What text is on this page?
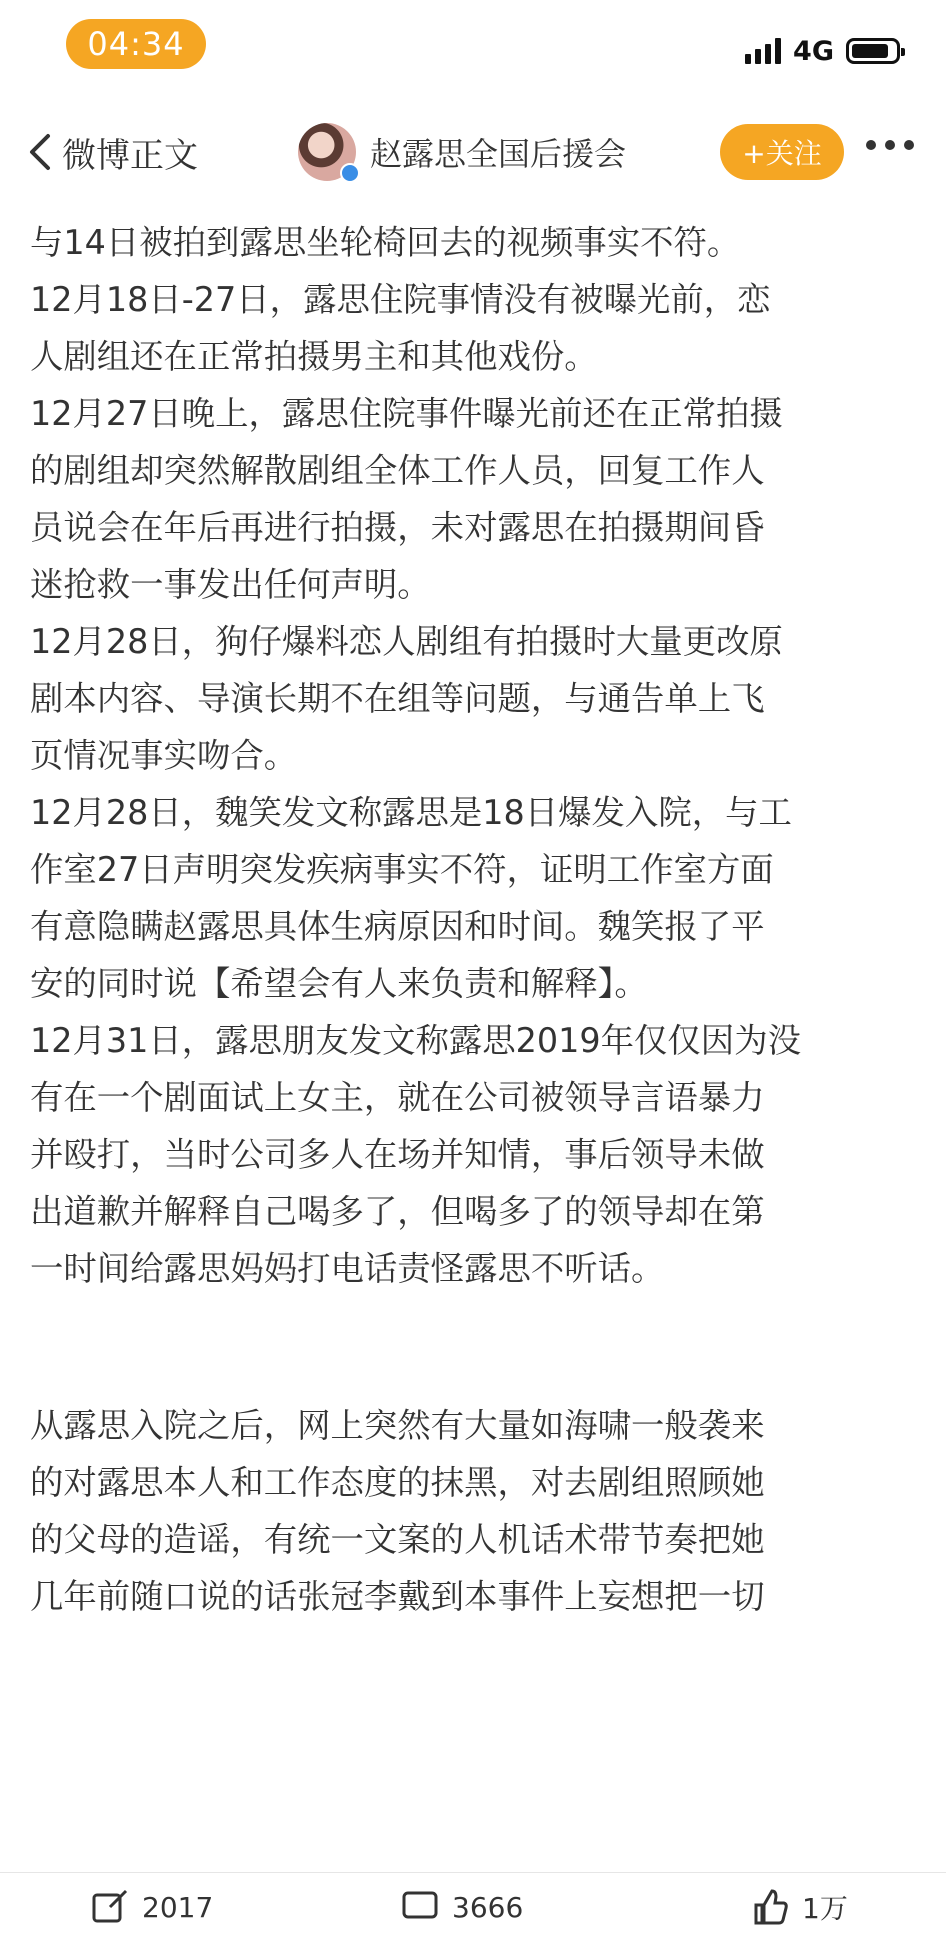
04:34	4G
微博正文	赵露思全国后援会	+关注
与14日被拍到露思坐轮椅回去的视频事实不符。
12月18日-27日，露思住院事情没有被曝光前，恋
人剧组还在正常拍摄男主和其他戏份。
12月27日晚上，露思住院事件曝光前还在正常拍摄
的剧组却突然解散剧组全体工作人员，回复工作人
员说会在年后再进行拍摄，未对露思在拍摄期间昏
迷抢救一事发出任何声明。
12月28日，狗仔爆料恋人剧组有拍摄时大量更改原
剧本内容、导演长期不在组等问题，与通告单上飞
页情况事实吻合。
12月28日，魏笑发文称露思是18日爆发入院，与工
作室27日声明突发疾病事实不符，证明工作室方面
有意隐瞒赵露思具体生病原因和时间。魏笑报了平
安的同时说【希望会有人来负责和解释】。
12月31日，露思朋友发文称露思2019年仅仅因为没
有在一个剧面试上女主，就在公司被领导言语暴力
并殴打，当时公司多人在场并知情，事后领导未做
出道歉并解释自己喝多了，但喝多了的领导却在第
一时间给露思妈妈打电话责怪露思不听话。
从露思入院之后，网上突然有大量如海啸一般袭来
的对露思本人和工作态度的抹黑，对去剧组照顾她
的父母的造谣，有统一文案的人机话术带节奏把她
几年前随口说的话张冠李戴到本事件上妄想把一切
2017	3666	1万
